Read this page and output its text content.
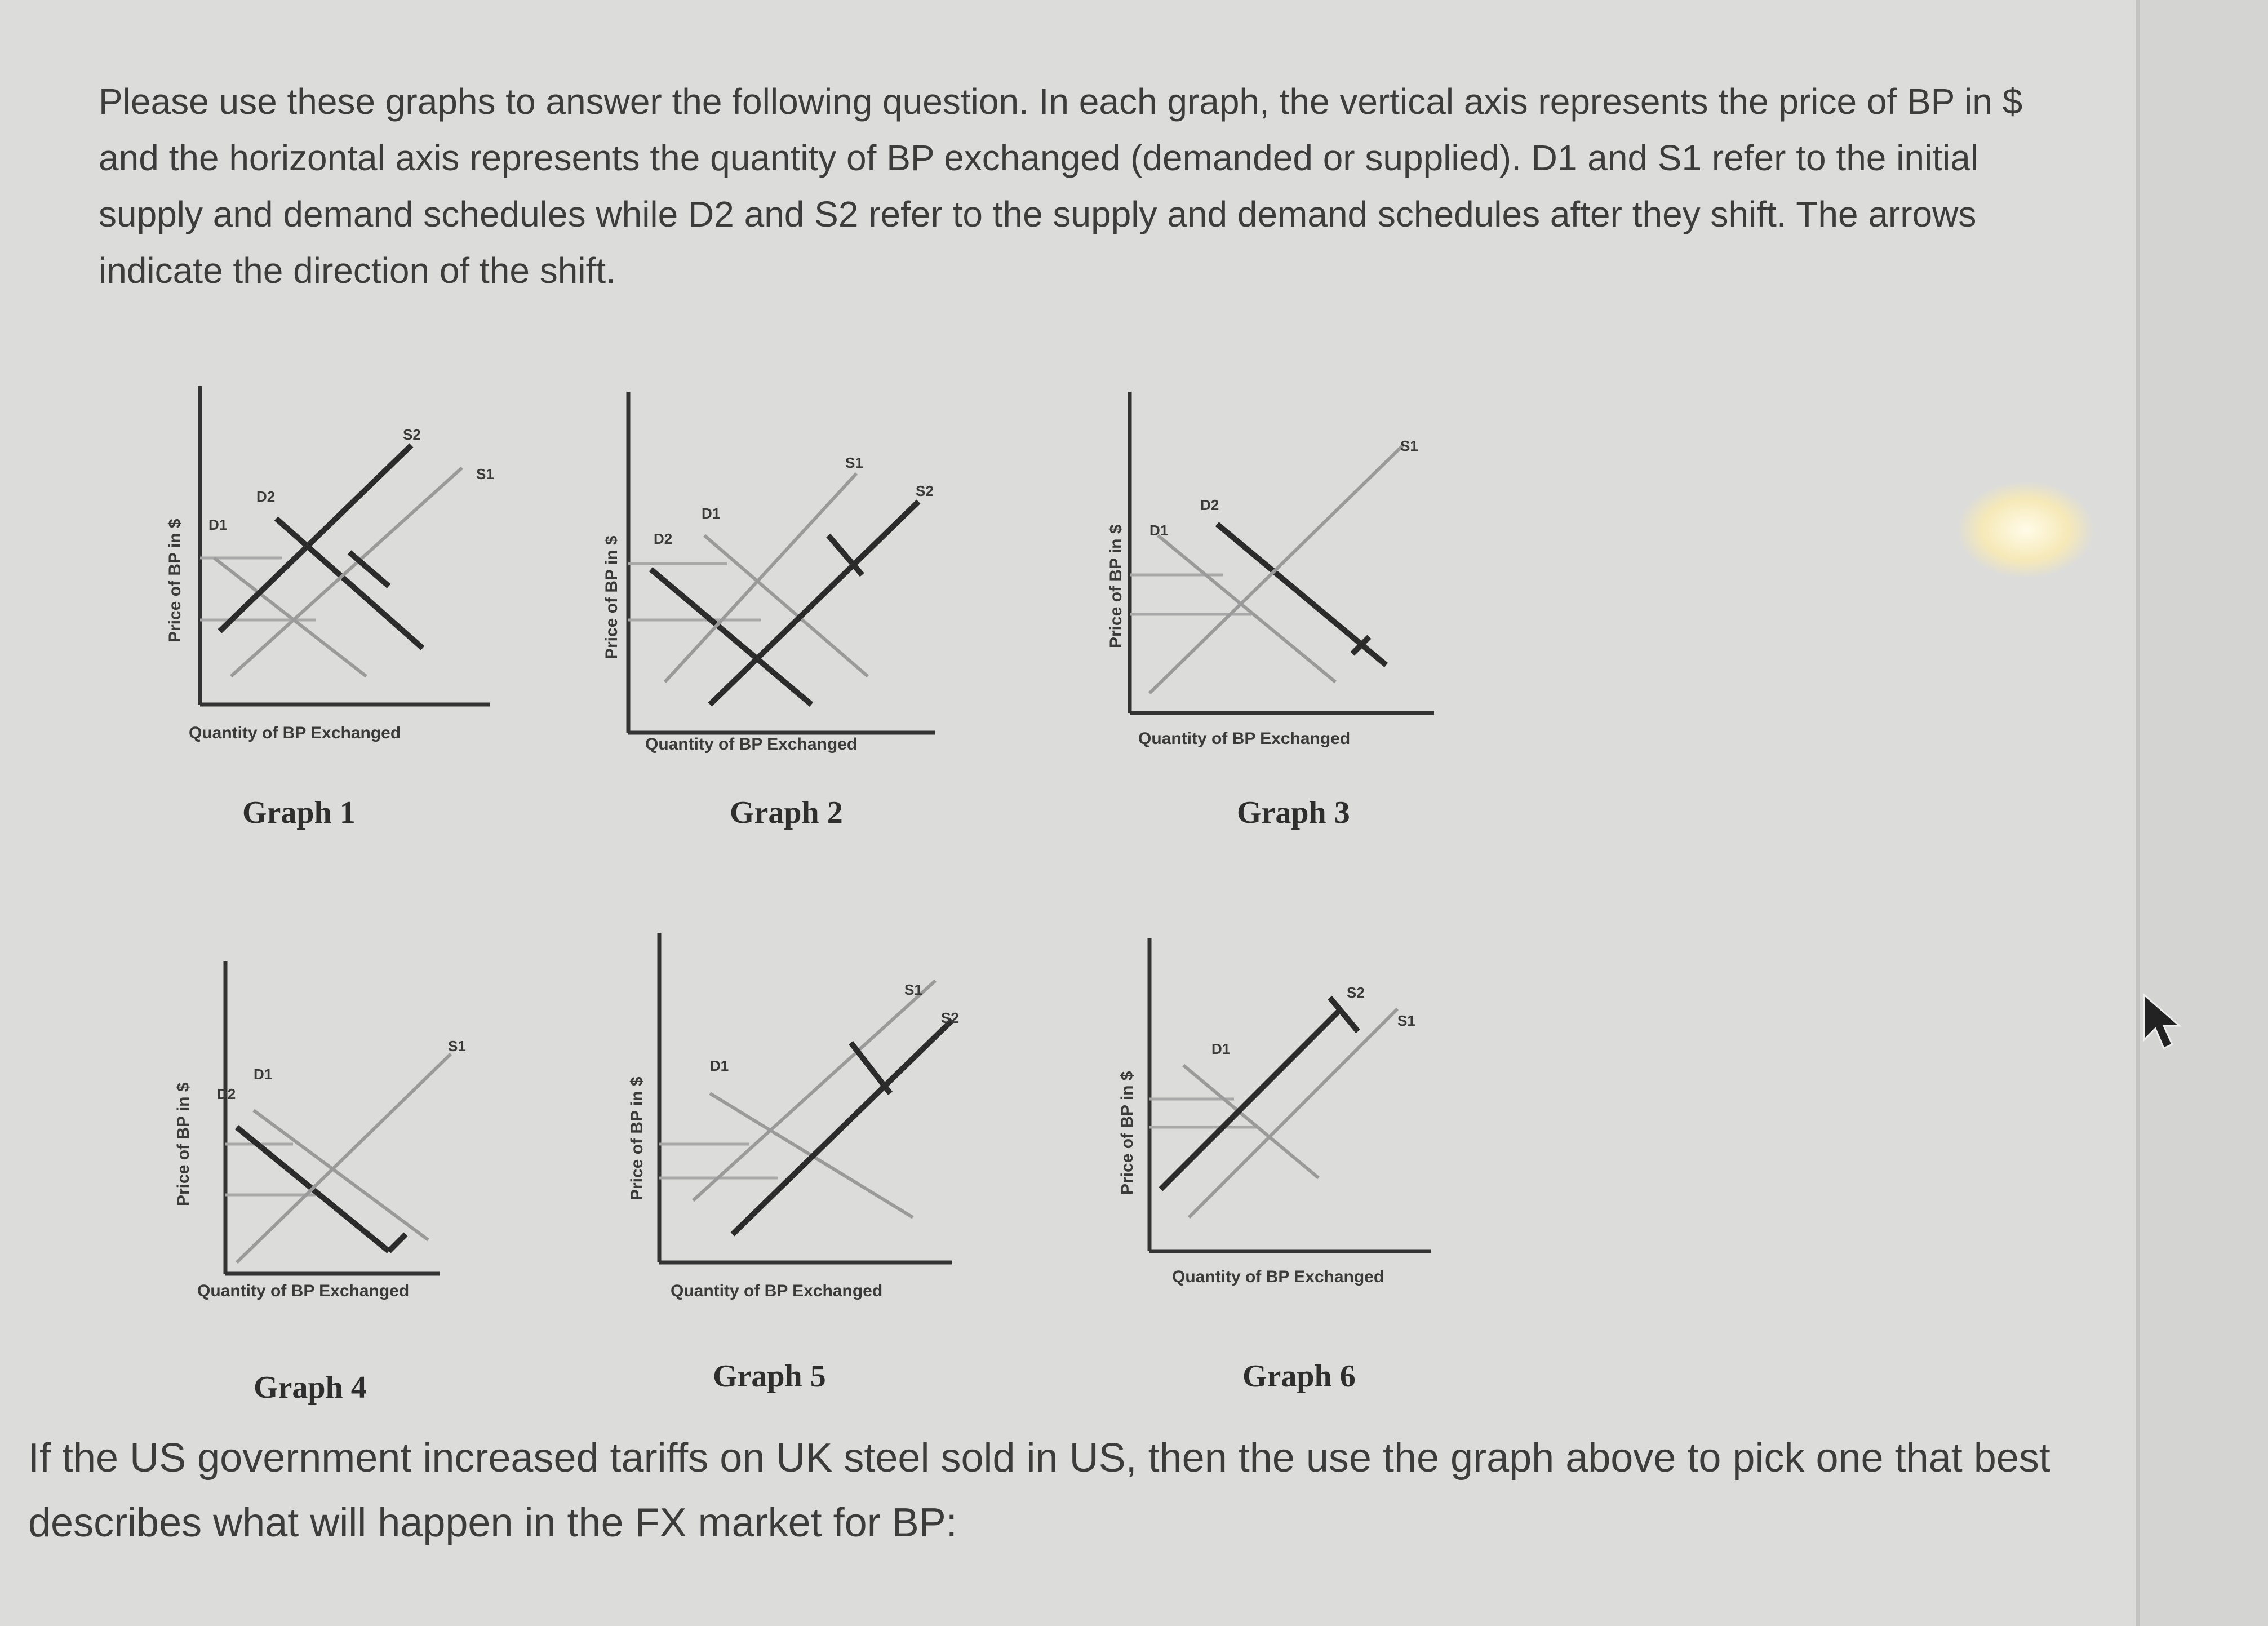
Please use these graphs to answer the following question. In each graph, the vertical axis represents the price of BP in $ and the horizontal axis represents the quantity of BP exchanged (demanded or supplied). D1 and S1 refer to the initial supply and demand schedules while D2 and S2 refer to the supply and demand schedules after they shift. The arrows indicate the direction of the shift.

D1
D2
S1
S2
Price of BP in $
Quantity of BP Exchanged
Graph 1
D1
D2
S1
S2
Price of BP in $
Quantity of BP Exchanged
Graph 2
D1
D2
S1
Price of BP in $
Quantity of BP Exchanged
Graph 3
D1
D2
S1
Price of BP in $
Quantity of BP Exchanged
Graph 4
D1
S1
S2
Price of BP in $
Quantity of BP Exchanged
Graph 5
D1
S1
S2
Price of BP in $
Quantity of BP Exchanged
Graph 6

If the US government increased tariffs on UK steel sold in US, then the use the graph above to pick one that best describes what will happen in the FX market for BP:
